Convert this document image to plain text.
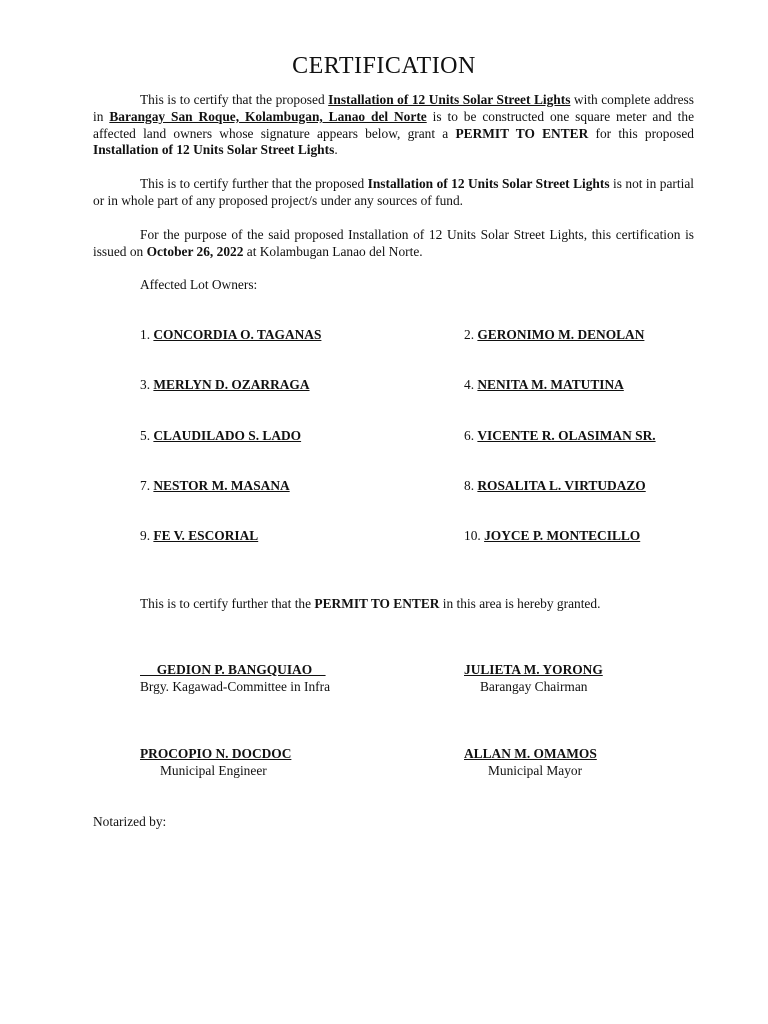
CERTIFICATION

This is to certify that the proposed Installation of 12 Units Solar Street Lights with complete address in Barangay San Roque, Kolambugan, Lanao del Norte is to be constructed one square meter and the affected land owners whose signature appears below, grant a PERMIT TO ENTER for this proposed Installation of 12 Units Solar Street Lights.

This is to certify further that the proposed Installation of 12 Units Solar Street Lights is not in partial or in whole part of any proposed project/s under any sources of fund.

For the purpose of the said proposed Installation of 12 Units Solar Street Lights, this certification is issued on October 26, 2022 at Kolambugan Lanao del Norte.

Affected Lot Owners:
1. CONCORDIA O. TAGANAS	2. GERONIMO M. DENOLAN
3. MERLYN D. OZARRAGA	4. NENITA M. MATUTINA
5. CLAUDILADO S. LADO	6. VICENTE R. OLASIMAN SR.
7. NESTOR M. MASANA	8. ROSALITA L. VIRTUDAZO
9. FE V. ESCORIAL	10. JOYCE P. MONTECILLO
This is to certify further that the PERMIT TO ENTER in this area is hereby granted.
GEDION P. BANGQUIAO__
Brgy. Kagawad-Committee in Infra
JULIETA M. YORONG
Barangay Chairman
PROCOPIO N. DOCDOC
Municipal Engineer
ALLAN M. OMAMOS
Municipal Mayor
Notarized by:
